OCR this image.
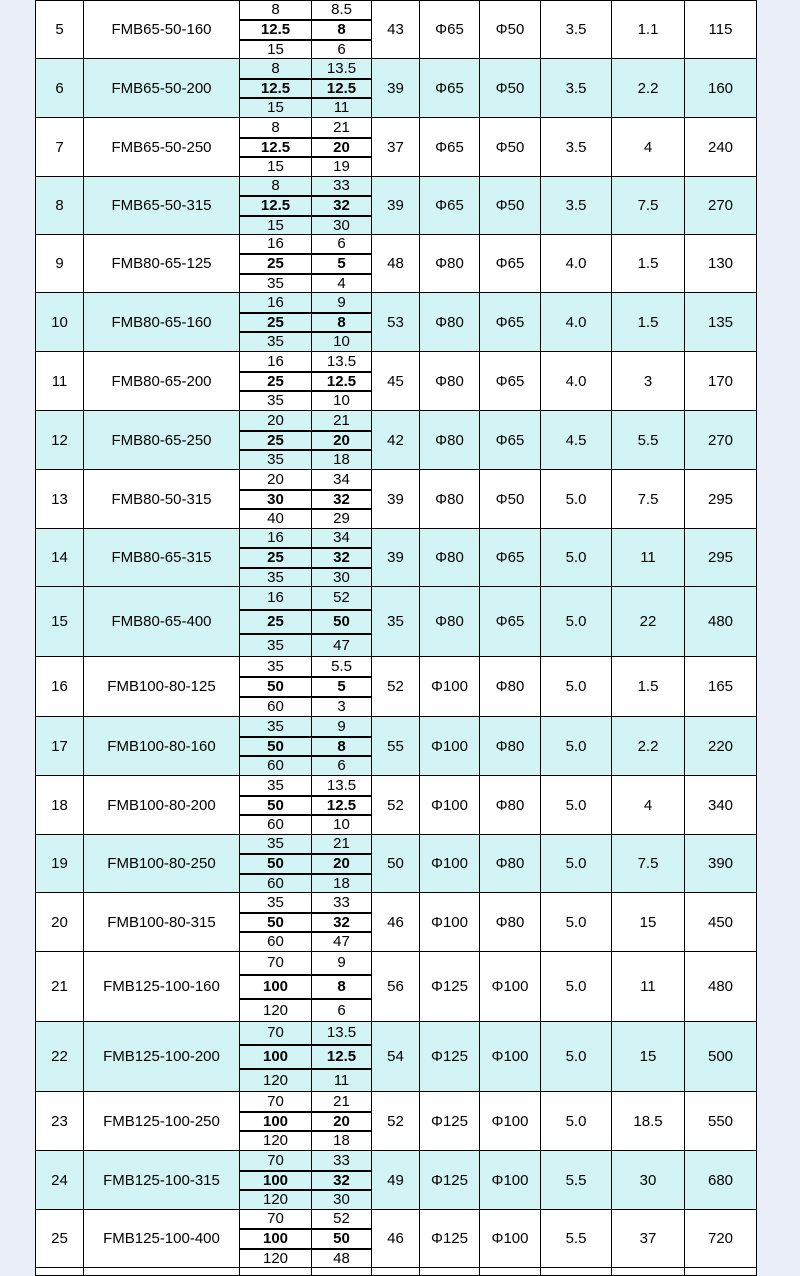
5	FMB65-50-160	8	8.5	43	Φ65	Φ50	3.5	1.1	115
		12.5	8						
		15	6						
6	FMB65-50-200	8	13.5	39	Φ65	Φ50	3.5	2.2	160
		12.5	12.5						
		15	11						
7	FMB65-50-250	8	21	37	Φ65	Φ50	3.5	4	240
		12.5	20						
		15	19						
8	FMB65-50-315	8	33	39	Φ65	Φ50	3.5	7.5	270
		12.5	32						
		15	30						
9	FMB80-65-125	16	6	48	Φ80	Φ65	4.0	1.5	130
		25	5						
		35	4						
10	FMB80-65-160	16	9	53	Φ80	Φ65	4.0	1.5	135
		25	8						
		35	10						
11	FMB80-65-200	16	13.5	45	Φ80	Φ65	4.0	3	170
		25	12.5						
		35	10						
12	FMB80-65-250	20	21	42	Φ80	Φ65	4.5	5.5	270
		25	20						
		35	18						
13	FMB80-50-315	20	34	39	Φ80	Φ50	5.0	7.5	295
		30	32						
		40	29						
14	FMB80-65-315	16	34	39	Φ80	Φ65	5.0	11	295
		25	32						
		35	30						
15	FMB80-65-400	16	52	35	Φ80	Φ65	5.0	22	480
		25	50						
		35	47						
16	FMB100-80-125	35	5.5	52	Φ100	Φ80	5.0	1.5	165
		50	5						
		60	3						
17	FMB100-80-160	35	9	55	Φ100	Φ80	5.0	2.2	220
		50	8						
		60	6						
18	FMB100-80-200	35	13.5	52	Φ100	Φ80	5.0	4	340
		50	12.5						
		60	10						
19	FMB100-80-250	35	21	50	Φ100	Φ80	5.0	7.5	390
		50	20						
		60	18						
20	FMB100-80-315	35	33	46	Φ100	Φ80	5.0	15	450
		50	32						
		60	47						
21	FMB125-100-160	70	9	56	Φ125	Φ100	5.0	11	480
		100	8						
		120	6						
22	FMB125-100-200	70	13.5	54	Φ125	Φ100	5.0	15	500
		100	12.5						
		120	11						
23	FMB125-100-250	70	21	52	Φ125	Φ100	5.0	18.5	550
		100	20						
		120	18						
24	FMB125-100-315	70	33	49	Φ125	Φ100	5.5	30	680
		100	32						
		120	30						
25	FMB125-100-400	70	52	46	Φ125	Φ100	5.5	37	720
		100	50						
		120	48						
